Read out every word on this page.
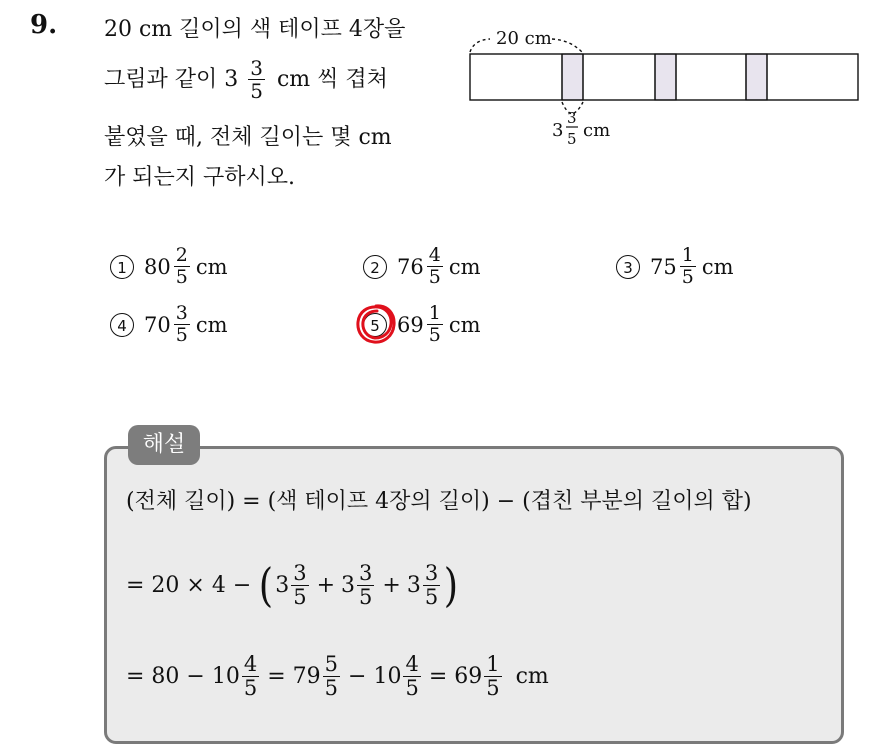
9. 20 cm 길이의 색 테이프 4장을
그림과 같이 $3 \frac{3}{5}$ cm 씩 겹쳐
붙였을 때, 전체 길이는 몇 cm
가 되는지 구하시오.
20 cm
3
3
5 cm
1 $80 \frac{2}{5}$ cm	2 $76 \frac{4}{5}$ cm	3 $75 \frac{1}{5}$ cm
4 $70 \frac{3}{5}$ cm	5 $69 \frac{1}{5}$ cm
해설
(전체 길이) = (색 테이프 4장의 길이) − (겹친 부분의 길이의 합)
= 20 × 4 − ( $3 \frac{3}{5} + 3 \frac{3}{5} + 3 \frac{3}{5}$ )
= $80 - 10 \frac{4}{5} = 79 \frac{5}{5} - 10 \frac{4}{5} = 69 \frac{1}{5}$ cm
